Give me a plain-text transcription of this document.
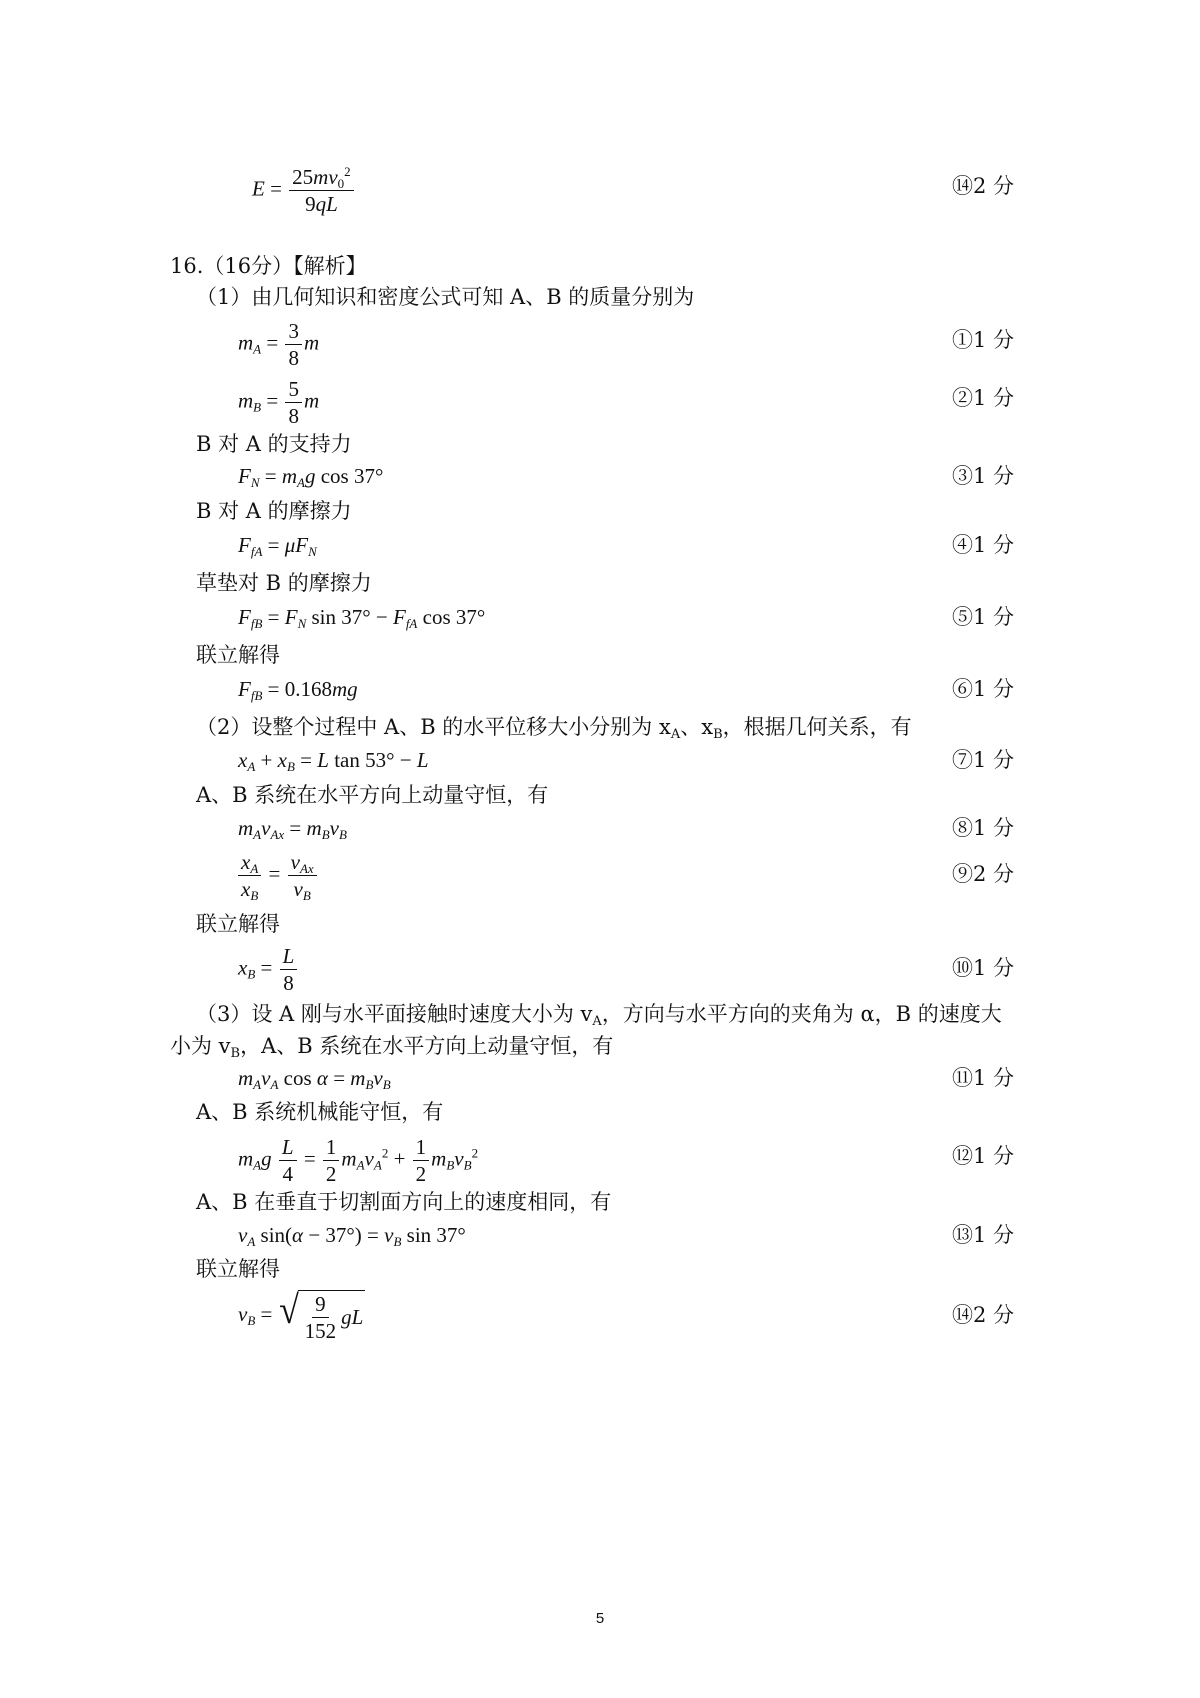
$E = \frac{25mv_0^2}{9qL}$	⑭2 分
16.（16分）【解析】
（1）由几何知识和密度公式可知 A、B 的质量分别为
$m_A = \frac{3}{8}$ m	①1 分
$m_B = \frac{5}{8}$ m	②1 分
B 对 A 的支持力
$F_N = m_Ag$ cos 37°	③1 分
B 对 A 的摩擦力
$F_{fA} = \mu F_N$	④1 分
草垫对 B 的摩擦力
$F_{fB} = F_N$ $\sin 37^\circ - F_{fA}$ cos 37°	⑤1 分
联立解得
$F_{fB} = 0.168mg$	⑥1 分
（2）设整个过程中 A、B 的水平位移大小分别为 $x_A$、$x_B$，根据几何关系，有
$x_A + x_B = L$ tan 53° − L	⑦1 分
A、B 系统在水平方向上动量守恒，有
$m_Av_{Ax} = m_Bv_B$	⑧1 分
$\frac{x_A}{x_B} = \frac{v_{Ax}}{v_B}$	⑨2 分
联立解得
$x_B = \frac{L}{8}$	⑩1 分
（3）设 A 刚与水平面接触时速度大小为 $v_A$，方向与水平方向的夹角为 α，B 的速度大
小为 $v_B$，A、B 系统在水平方向上动量守恒，有
$m_Av_A$ $\cos \alpha = m_Bv_B$	⑪1 分
A、B 系统机械能守恒，有
$m_Ag \frac{L}{4} = \frac{1}{2} m_Av_A^2 + \frac{1}{2} m_Bv_B^2$	⑫1 分
A、B 在垂直于切割面方向上的速度相同，有
$v_A$ $\sin(\alpha - 37^\circ) = v_B$ sin 37°	⑬1 分
联立解得
$v_B$ = √ $\frac{9}{152}$ gL	⑭2 分
5
